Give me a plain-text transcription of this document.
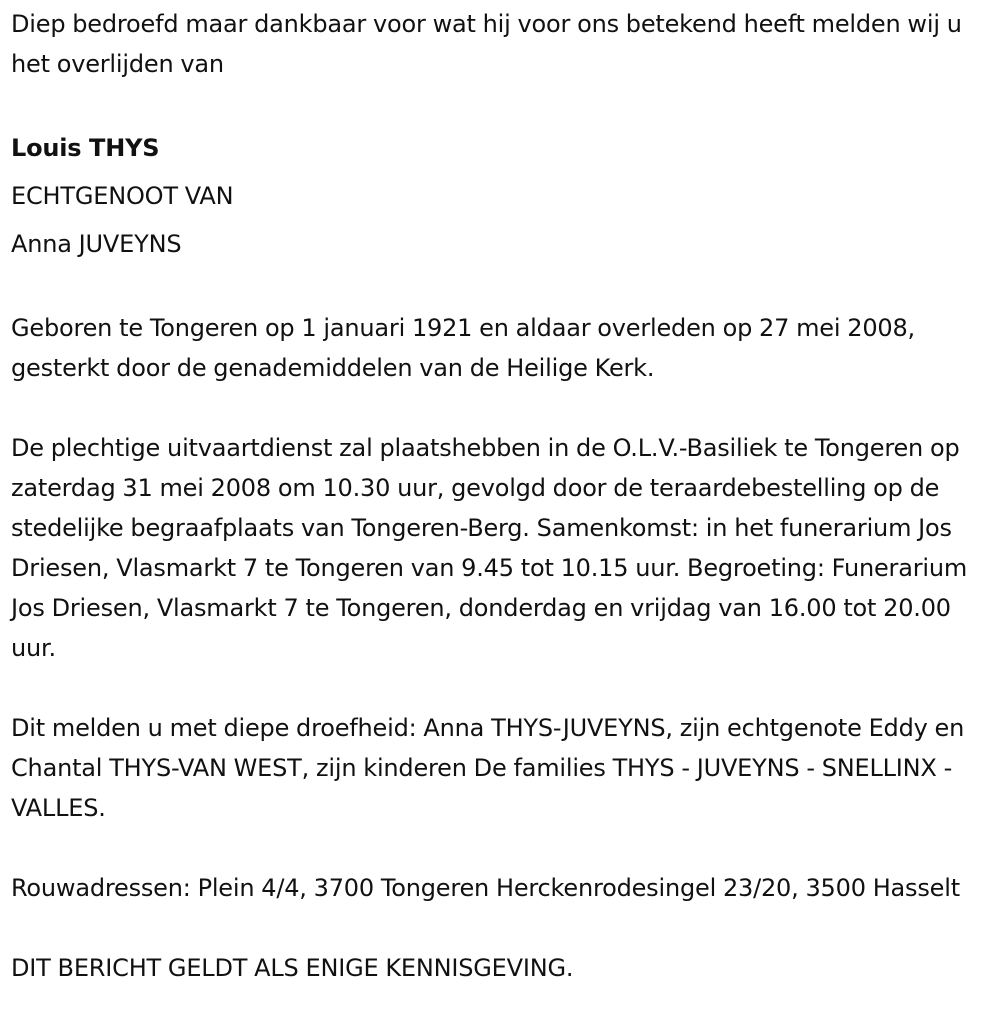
Diep bedroefd maar dankbaar voor wat hij voor ons betekend heeft melden wij u het overlijden van

Louis THYS

ECHTGENOOT VAN

Anna JUVEYNS

Geboren te Tongeren op 1 januari 1921 en aldaar overleden op 27 mei 2008, gesterkt door de genademiddelen van de Heilige Kerk.

De plechtige uitvaartdienst zal plaatshebben in de O.L.V.-Basiliek te Tongeren op zaterdag 31 mei 2008 om 10.30 uur, gevolgd door de teraardebestelling op de stedelijke begraafplaats van Tongeren-Berg. Samenkomst: in het funerarium Jos Driesen, Vlasmarkt 7 te Tongeren van 9.45 tot 10.15 uur. Begroeting: Funerarium Jos Driesen, Vlasmarkt 7 te Tongeren, donderdag en vrijdag van 16.00 tot 20.00 uur.

Dit melden u met diepe droefheid: Anna THYS-JUVEYNS, zijn echtgenote Eddy en Chantal THYS-VAN WEST, zijn kinderen De families THYS - JUVEYNS - SNELLINX - VALLES.

Rouwadressen: Plein 4/4, 3700 Tongeren Herckenrodesingel 23/20, 3500 Hasselt

DIT BERICHT GELDT ALS ENIGE KENNISGEVING.
